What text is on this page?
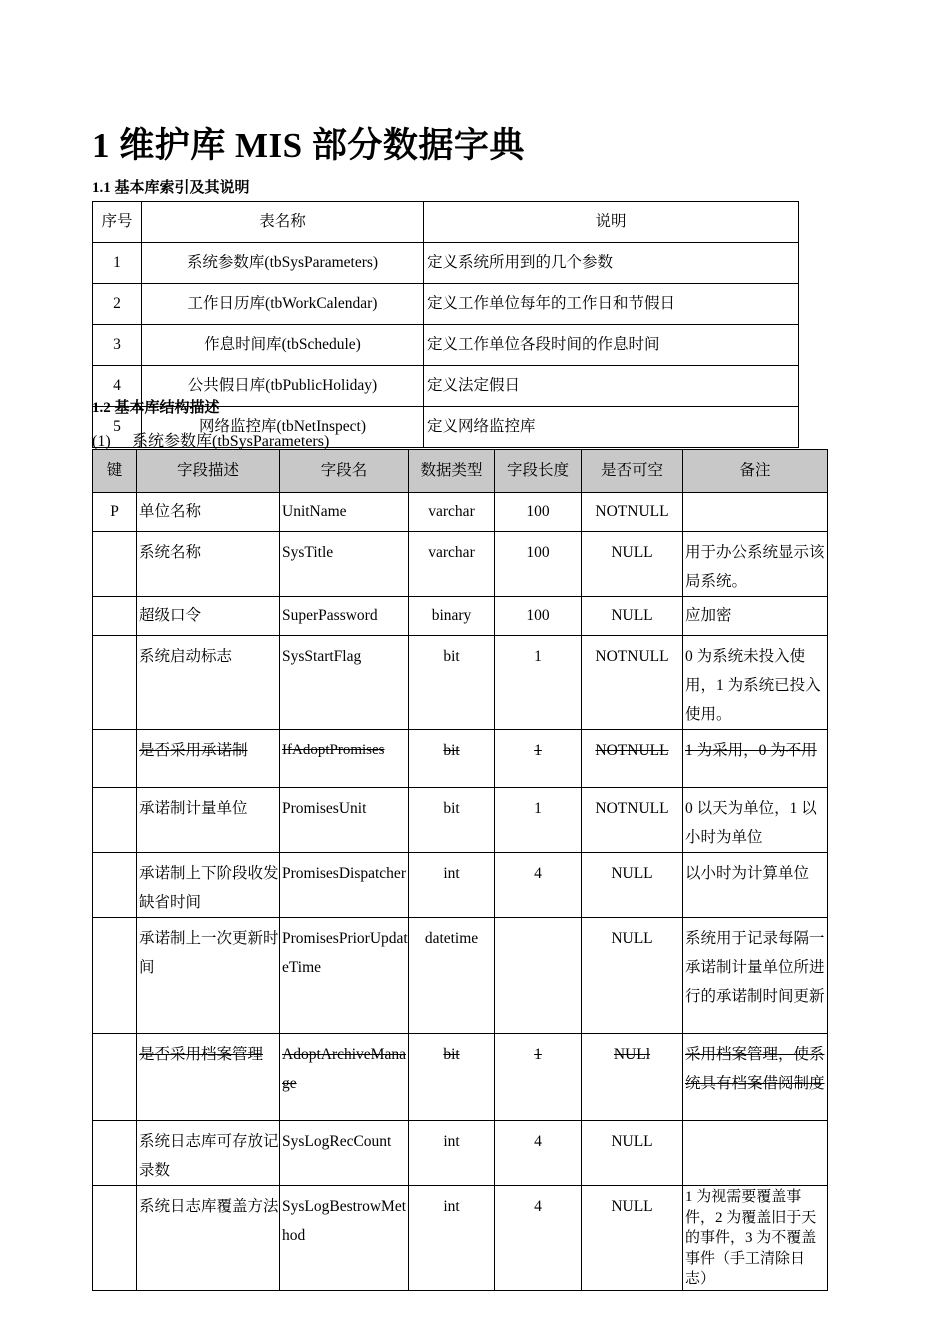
1 维护库 MIS 部分数据字典
1.1 基本库索引及其说明
序号	表名称	说明
1	系统参数库(tbSysParameters)	定义系统所用到的几个参数
2	工作日历库(tbWorkCalendar)	定义工作单位每年的工作日和节假日
3	作息时间库(tbSchedule)	定义工作单位各段时间的作息时间
4	公共假日库(tbPublicHoliday)	定义法定假日
5	网络监控库(tbNetInspect)	定义网络监控库
1.2 基本库结构描述
(1) 系统参数库(tbSysParameters)
键	字段描述	字段名	数据类型	字段长度	是否可空	备注
P	单位名称	UnitName	varchar	100	NOTNULL	
	系统名称	SysTitle	varchar	100	NULL	用于办公系统显示该局系统。
	超级口令	SuperPassword	binary	100	NULL	应加密
	系统启动标志	SysStartFlag	bit	1	NOTNULL	0 为系统未投入使用，1 为系统已投入使用。
	是否采用承诺制	IfAdoptPromises	bit	1	NOTNULL	1 为采用，0 为不用
	承诺制计量单位	PromisesUnit	bit	1	NOTNULL	0 以天为单位，1 以小时为单位
	承诺制上下阶段收发缺省时间	PromisesDispatcher	int	4	NULL	以小时为计算单位
	承诺制上一次更新时间	PromisesPriorUpdateTime	datetime		NULL	系统用于记录每隔一承诺制计量单位所进行的承诺制时间更新
	是否采用档案管理	AdoptArchiveManage	bit	1	NULl	采用档案管理，使系统具有档案借阅制度
	系统日志库可存放记录数	SysLogRecCount	int	4	NULL	
	系统日志库覆盖方法	SysLogBestrowMethod	int	4	NULL	1 为视需要覆盖事件，2 为覆盖旧于天的事件，3 为不覆盖事件（手工清除日志）
